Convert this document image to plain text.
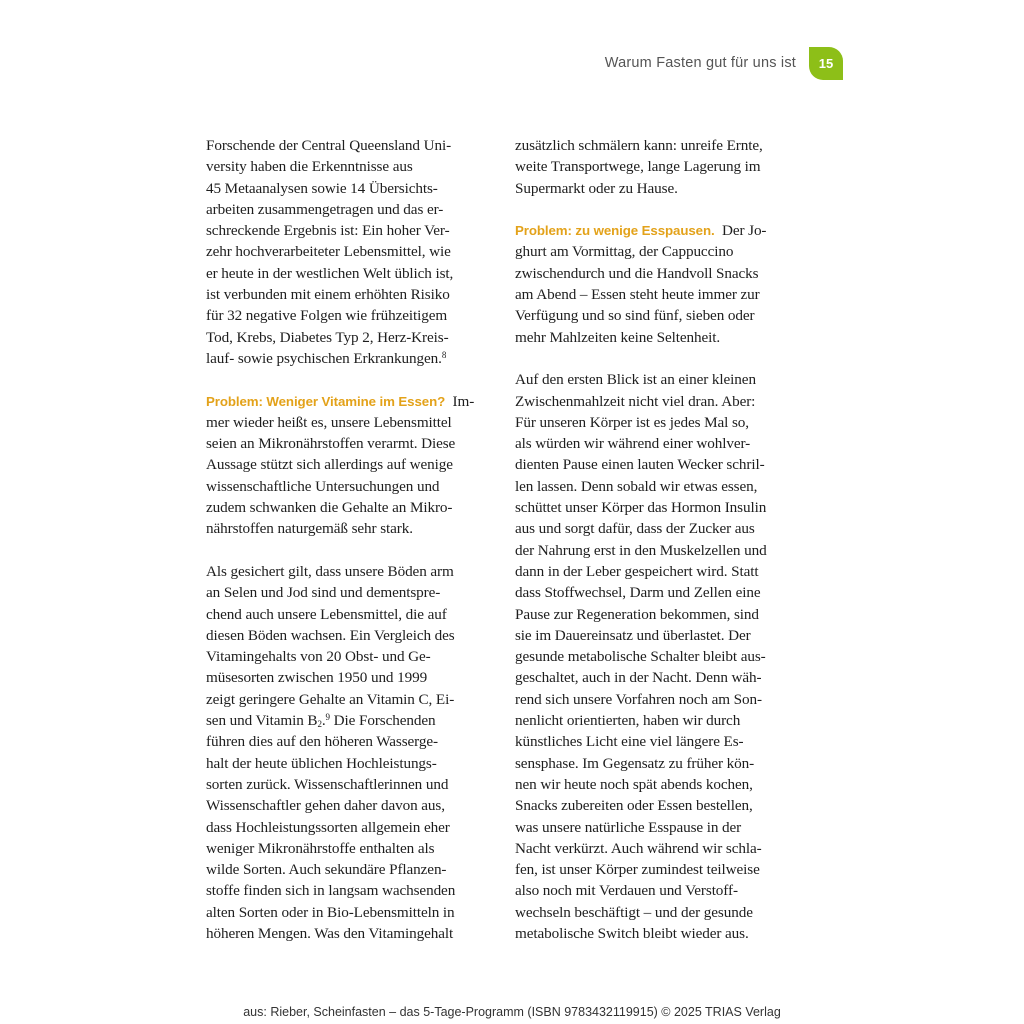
Warum Fasten gut für uns ist	15
Forschende der Central Queensland Uni-
versity haben die Erkenntnisse aus
45 Metaanalysen sowie 14 Übersichts-
arbeiten zusammengetragen und das er-
schreckende Ergebnis ist: Ein hoher Ver-
zehr hochverarbeiteter Lebensmittel, wie
er heute in der westlichen Welt üblich ist,
ist verbunden mit einem erhöhten Risiko
für 32 negative Folgen wie frühzeitigem
Tod, Krebs, Diabetes Typ 2, Herz-Kreis-
lauf- sowie psychischen Erkrankungen.$^8$
Problem: Weniger Vitamine im Essen? Im-
mer wieder heißt es, unsere Lebensmittel
seien an Mikronährstoffen verarmt. Diese
Aussage stützt sich allerdings auf wenige
wissenschaftliche Untersuchungen und
zudem schwanken die Gehalte an Mikro-
nährstoffen naturgemäß sehr stark.
Als gesichert gilt, dass unsere Böden arm
an Selen und Jod sind und dementspre-
chend auch unsere Lebensmittel, die auf
diesen Böden wachsen. Ein Vergleich des
Vitamingehalts von 20 Obst- und Ge-
müsesorten zwischen 1950 und 1999
zeigt geringere Gehalte an Vitamin C, Ei-
sen und Vitamin $B_2.^9$ Die Forschenden
führen dies auf den höheren Wasserge-
halt der heute üblichen Hochleistungs-
sorten zurück. Wissenschaftlerinnen und
Wissenschaftler gehen daher davon aus,
dass Hochleistungssorten allgemein eher
weniger Mikronährstoffe enthalten als
wilde Sorten. Auch sekundäre Pflanzen-
stoffe finden sich in langsam wachsenden
alten Sorten oder in Bio-Lebensmitteln in
höheren Mengen. Was den Vitamingehalt
zusätzlich schmälern kann: unreife Ernte,
weite Transportwege, lange Lagerung im
Supermarkt oder zu Hause.
Problem: zu wenige Esspausen. Der Jo-
ghurt am Vormittag, der Cappuccino
zwischendurch und die Handvoll Snacks
am Abend – Essen steht heute immer zur
Verfügung und so sind fünf, sieben oder
mehr Mahlzeiten keine Seltenheit.
Auf den ersten Blick ist an einer kleinen
Zwischenmahlzeit nicht viel dran. Aber:
Für unseren Körper ist es jedes Mal so,
als würden wir während einer wohlver-
dienten Pause einen lauten Wecker schril-
len lassen. Denn sobald wir etwas essen,
schüttet unser Körper das Hormon Insulin
aus und sorgt dafür, dass der Zucker aus
der Nahrung erst in den Muskelzellen und
dann in der Leber gespeichert wird. Statt
dass Stoffwechsel, Darm und Zellen eine
Pause zur Regeneration bekommen, sind
sie im Dauereinsatz und überlastet. Der
gesunde metabolische Schalter bleibt aus-
geschaltet, auch in der Nacht. Denn wäh-
rend sich unsere Vorfahren noch am Son-
nenlicht orientierten, haben wir durch
künstliches Licht eine viel längere Es-
sensphase. Im Gegensatz zu früher kön-
nen wir heute noch spät abends kochen,
Snacks zubereiten oder Essen bestellen,
was unsere natürliche Esspause in der
Nacht verkürzt. Auch während wir schla-
fen, ist unser Körper zumindest teilweise
also noch mit Verdauen und Verstoff-
wechseln beschäftigt – und der gesunde
metabolische Switch bleibt wieder aus.
aus: Rieber, Scheinfasten – das 5-Tage-Programm (ISBN 9783432119915) © 2025 TRIAS Verlag
